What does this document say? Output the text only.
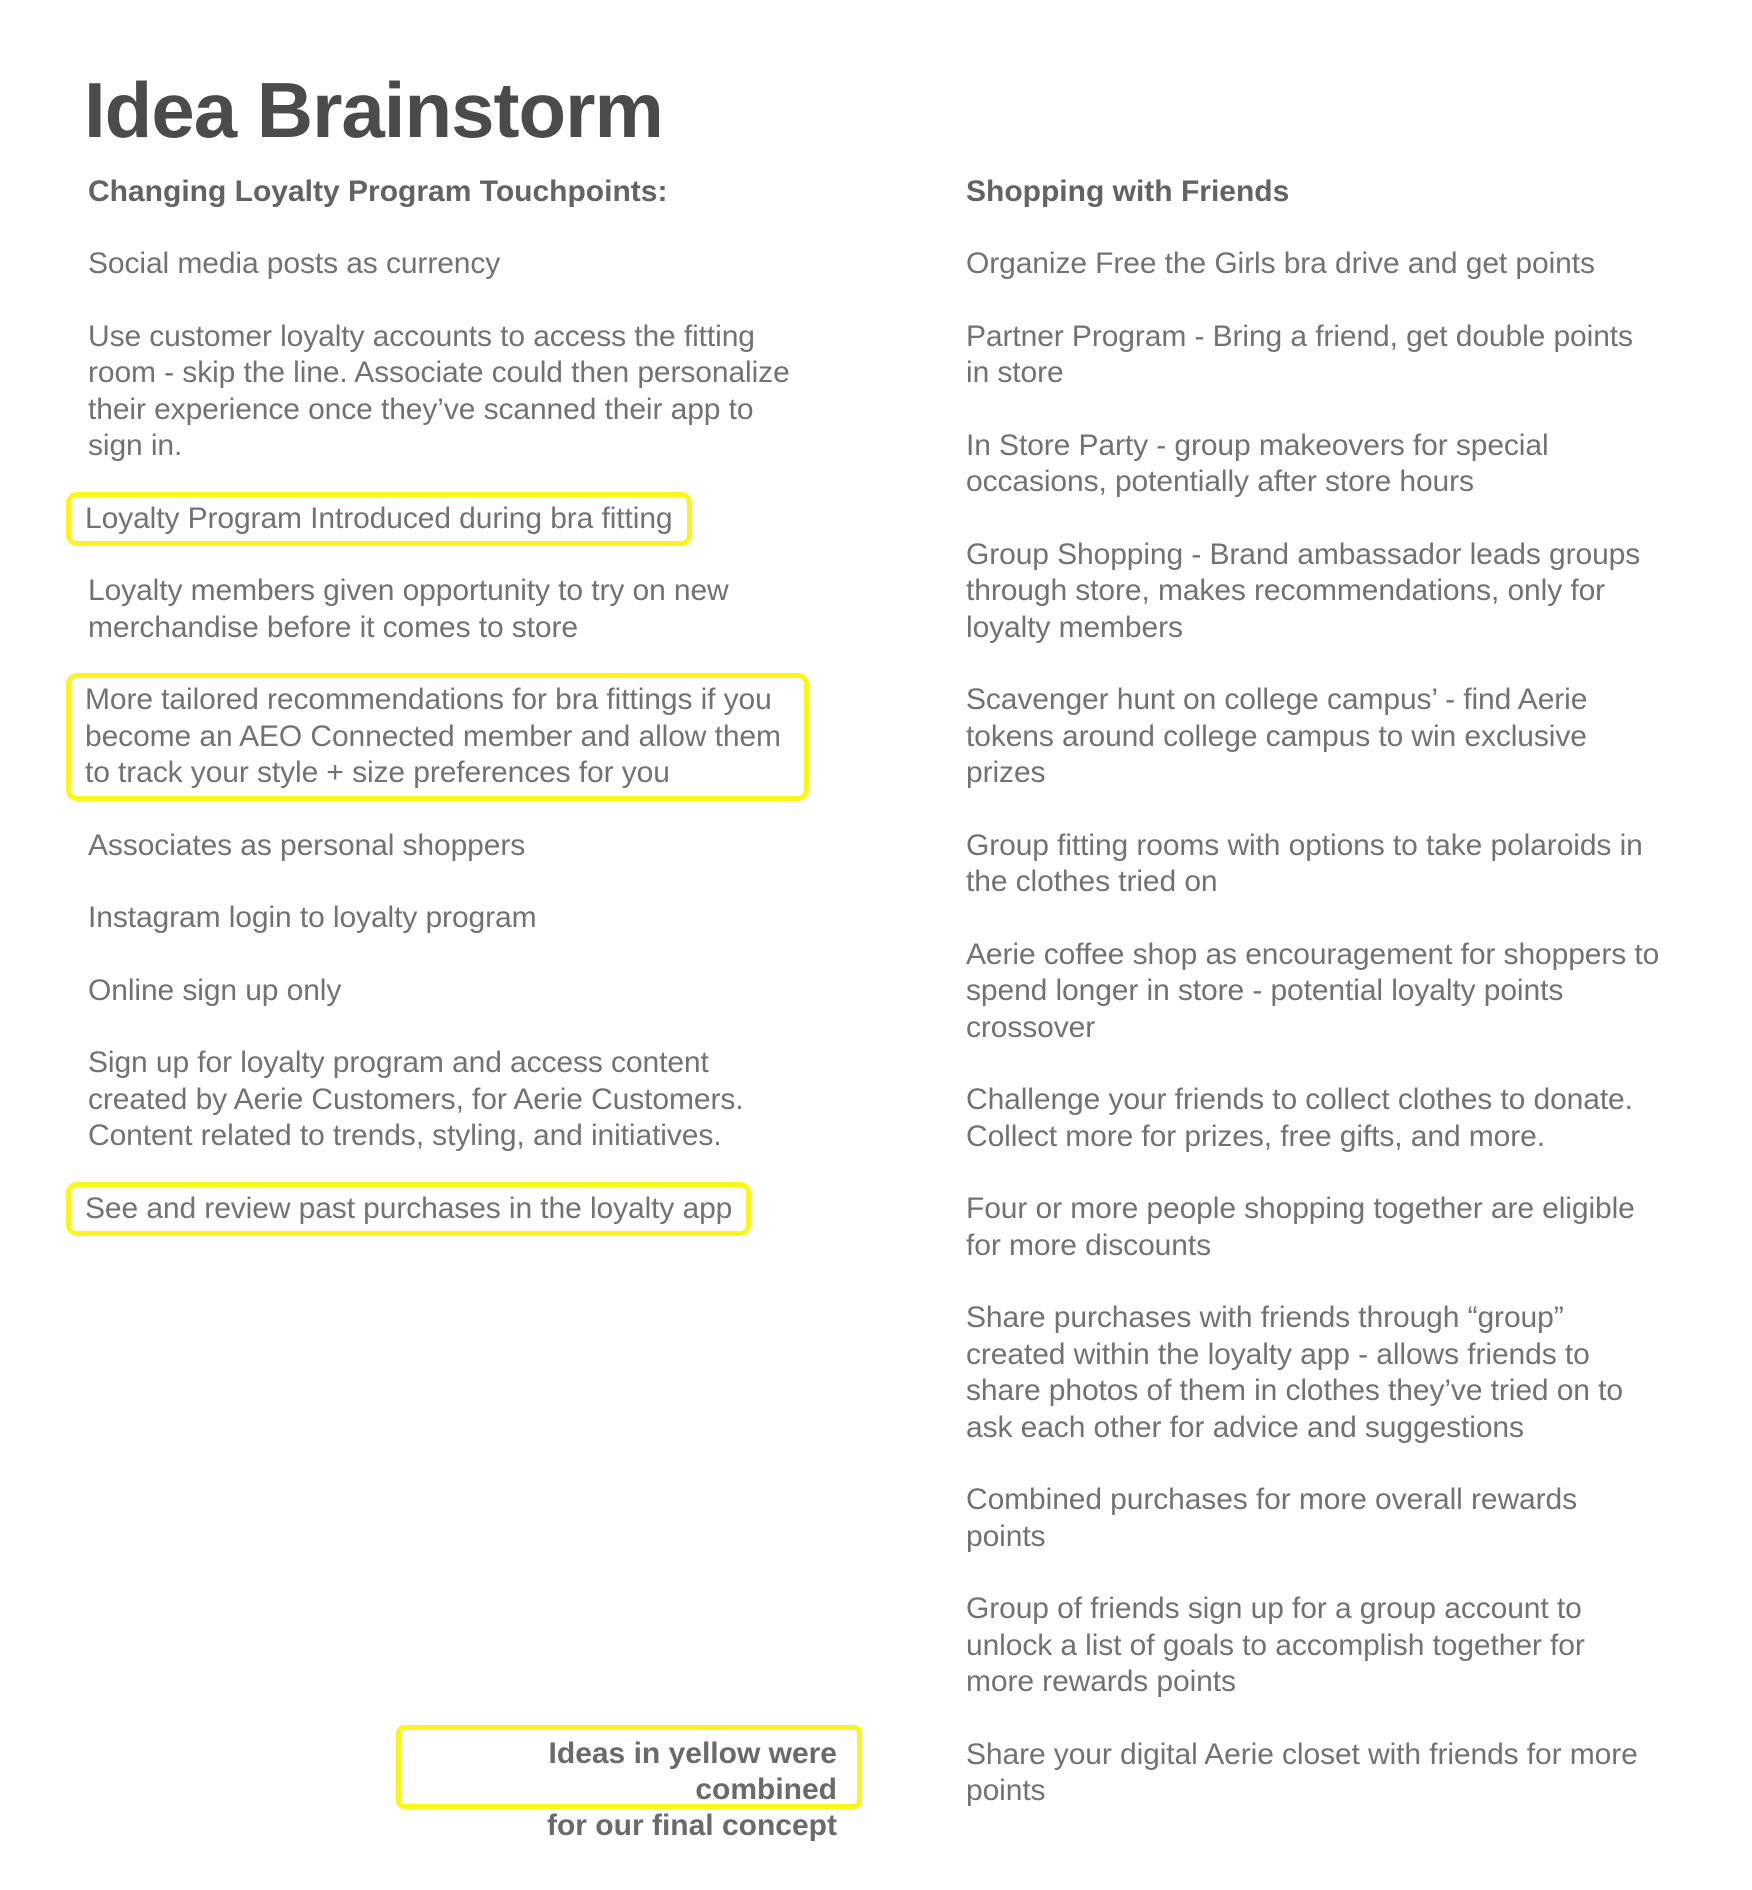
Idea Brainstorm
Changing Loyalty Program Touchpoints:
Social media posts as currency
Use customer loyalty accounts to access the fitting room - skip the line. Associate could then personalize their experience once they’ve scanned their app to sign in.
Loyalty Program Introduced during bra fitting
Loyalty members given opportunity to try on new merchandise before it comes to store
More tailored recommendations for bra fittings if you become an AEO Connected member and allow them to track your style + size preferences for you
Associates as personal shoppers
Instagram login to loyalty program
Online sign up only
Sign up for loyalty program and access content created by Aerie Customers, for Aerie Customers. Content related to trends, styling, and initiatives.
See and review past purchases in the loyalty app
Shopping with Friends
Organize Free the Girls bra drive and get points
Partner Program - Bring a friend, get double points in store
In Store Party - group makeovers for special occasions, potentially after store hours
Group Shopping - Brand ambassador leads groups through store, makes recommendations, only for loyalty members
Scavenger hunt on college campus’ - find Aerie tokens around college campus to win exclusive prizes
Group fitting rooms with options to take polaroids in the clothes tried on
Aerie coffee shop as encouragement for shoppers to spend longer in store - potential loyalty points crossover
Challenge your friends to collect clothes to donate. Collect more for prizes, free gifts, and more.
Four or more people shopping together are eligible for more discounts
Share purchases with friends through “group” created within the loyalty app - allows friends to share photos of them in clothes they’ve tried on to ask each other for advice and suggestions
Combined purchases for more overall rewards points
Group of friends sign up for a group account to unlock a list of goals to accomplish together for more rewards points
Share your digital Aerie closet with friends for more points
Ideas in yellow were combined
for our final concept
